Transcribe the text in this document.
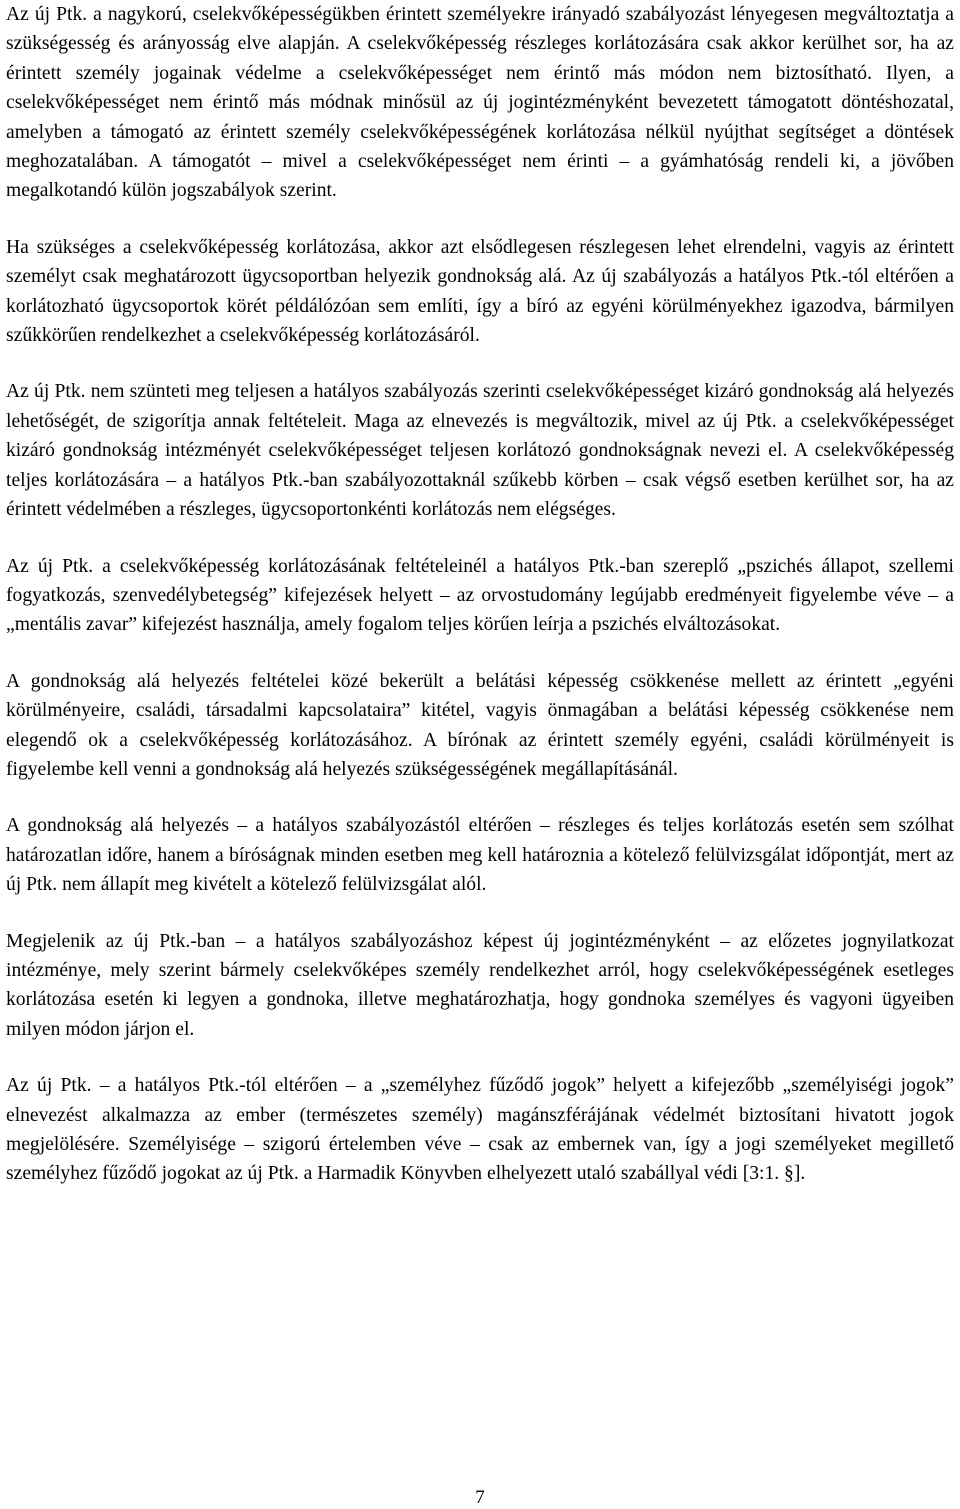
Az új Ptk. a nagykorú, cselekvőképességükben érintett személyekre irányadó szabályozást lényegesen megváltoztatja a szükségesség és arányosság elve alapján. A cselekvőképesség részleges korlátozására csak akkor kerülhet sor, ha az érintett személy jogainak védelme a cselekvőképességet nem érintő más módon nem biztosítható. Ilyen, a cselekvőképességet nem érintő más módnak minősül az új jogintézményként bevezetett támogatott döntéshozatal, amelyben a támogató az érintett személy cselekvőképességének korlátozása nélkül nyújthat segítséget a döntések meghozatalában. A támogatót – mivel a cselekvőképességet nem érinti – a gyámhatóság rendeli ki, a jövőben megalkotandó külön jogszabályok szerint.

Ha szükséges a cselekvőképesség korlátozása, akkor azt elsődlegesen részlegesen lehet elrendelni, vagyis az érintett személyt csak meghatározott ügycsoportban helyezik gondnokság alá. Az új szabályozás a hatályos Ptk.-tól eltérően a korlátozható ügycsoportok körét példálózóan sem említi, így a bíró az egyéni körülményekhez igazodva, bármilyen szűkkörűen rendelkezhet a cselekvőképesség korlátozásáról.

Az új Ptk. nem szünteti meg teljesen a hatályos szabályozás szerinti cselekvőképességet kizáró gondnokság alá helyezés lehetőségét, de szigorítja annak feltételeit. Maga az elnevezés is megváltozik, mivel az új Ptk. a cselekvőképességet kizáró gondnokság intézményét cselekvőképességet teljesen korlátozó gondnokságnak nevezi el. A cselekvőképesség teljes korlátozására – a hatályos Ptk.-ban szabályozottaknál szűkebb körben – csak végső esetben kerülhet sor, ha az érintett védelmében a részleges, ügycsoportonkénti korlátozás nem elégséges.

Az új Ptk. a cselekvőképesség korlátozásának feltételeinél a hatályos Ptk.-ban szereplő „pszichés állapot, szellemi fogyatkozás, szenvedélybetegség” kifejezések helyett – az orvostudomány legújabb eredményeit figyelembe véve – a „mentális zavar” kifejezést használja, amely fogalom teljes körűen leírja a pszichés elváltozásokat.

A gondnokság alá helyezés feltételei közé bekerült a belátási képesség csökkenése mellett az érintett „egyéni körülményeire, családi, társadalmi kapcsolataira” kitétel, vagyis önmagában a belátási képesség csökkenése nem elegendő ok a cselekvőképesség korlátozásához. A bírónak az érintett személy egyéni, családi körülményeit is figyelembe kell venni a gondnokság alá helyezés szükségességének megállapításánál.

A gondnokság alá helyezés – a hatályos szabályozástól eltérően – részleges és teljes korlátozás esetén sem szólhat határozatlan időre, hanem a bíróságnak minden esetben meg kell határoznia a kötelező felülvizsgálat időpontját, mert az új Ptk. nem állapít meg kivételt a kötelező felülvizsgálat alól.

Megjelenik az új Ptk.-ban – a hatályos szabályozáshoz képest új jogintézményként – az előzetes jognyilatkozat intézménye, mely szerint bármely cselekvőképes személy rendelkezhet arról, hogy cselekvőképességének esetleges korlátozása esetén ki legyen a gondnoka, illetve meghatározhatja, hogy gondnoka személyes és vagyoni ügyeiben milyen módon járjon el.

Az új Ptk. – a hatályos Ptk.-tól eltérően – a „személyhez fűződő jogok” helyett a kifejezőbb „személyiségi jogok” elnevezést alkalmazza az ember (természetes személy) magánszférájának védelmét biztosítani hivatott jogok megjelölésére. Személyisége – szigorú értelemben véve – csak az embernek van, így a jogi személyeket megillető személyhez fűződő jogokat az új Ptk. a Harmadik Könyvben elhelyezett utaló szabállyal védi [3:1. §].

7
